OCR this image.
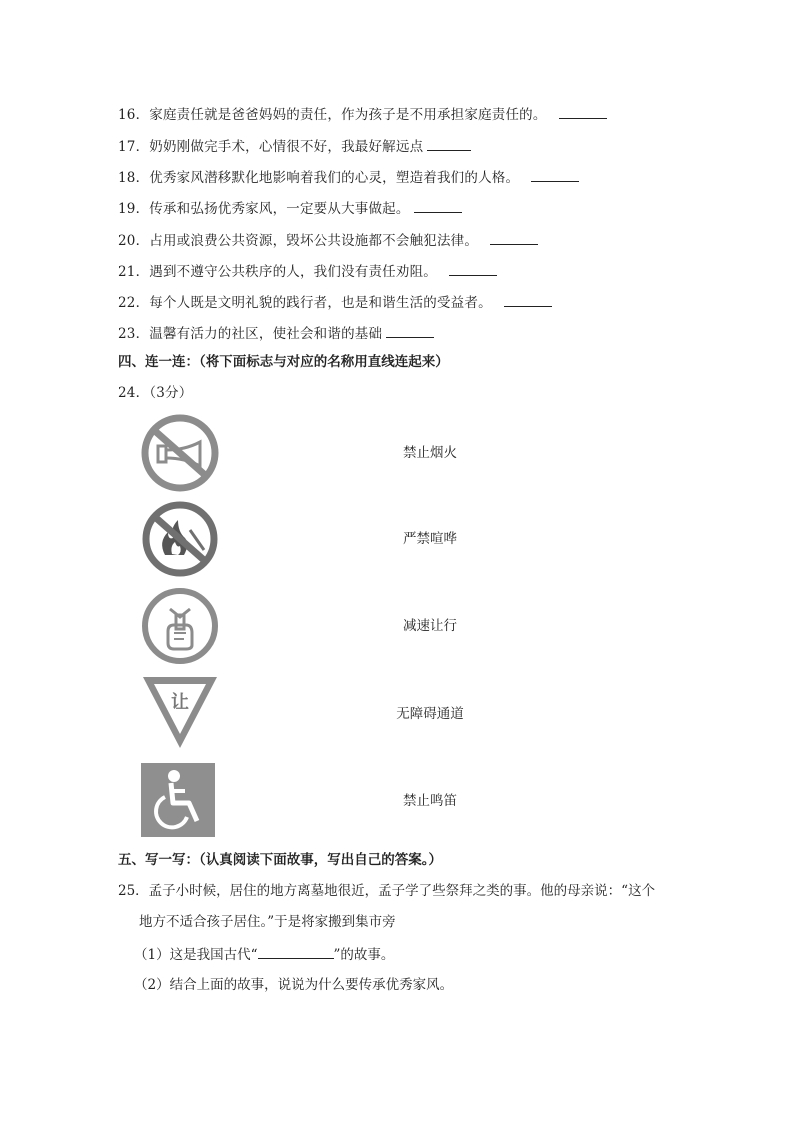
16．家庭责任就是爸爸妈妈的责任，作为孩子是不用承担家庭责任的。
17．奶奶刚做完手术，心情很不好，我最好解远点
18．优秀家风潜移默化地影响着我们的心灵，塑造着我们的人格。
19．传承和弘扬优秀家风，一定要从大事做起。
20．占用或浪费公共资源，毁坏公共设施都不会触犯法律。
21．遇到不遵守公共秩序的人，我们没有责任劝阻。
22．每个人既是文明礼貌的践行者，也是和谐生活的受益者。
23．温馨有活力的社区，使社会和谐的基础
四、连一连：（将下面标志与对应的名称用直线连起来）
24．（3分）
让
禁止烟火
严禁喧哗
减速让行
无障碍通道
禁止鸣笛
五、写一写：（认真阅读下面故事，写出自己的答案。）
25．孟子小时候，居住的地方离墓地很近，孟子学了些祭拜之类的事。他的母亲说：“这个
地方不适合孩子居住。”于是将家搬到集市旁
（1）这是我国古代“	”的故事。
（2）结合上面的故事，说说为什么要传承优秀家风。
